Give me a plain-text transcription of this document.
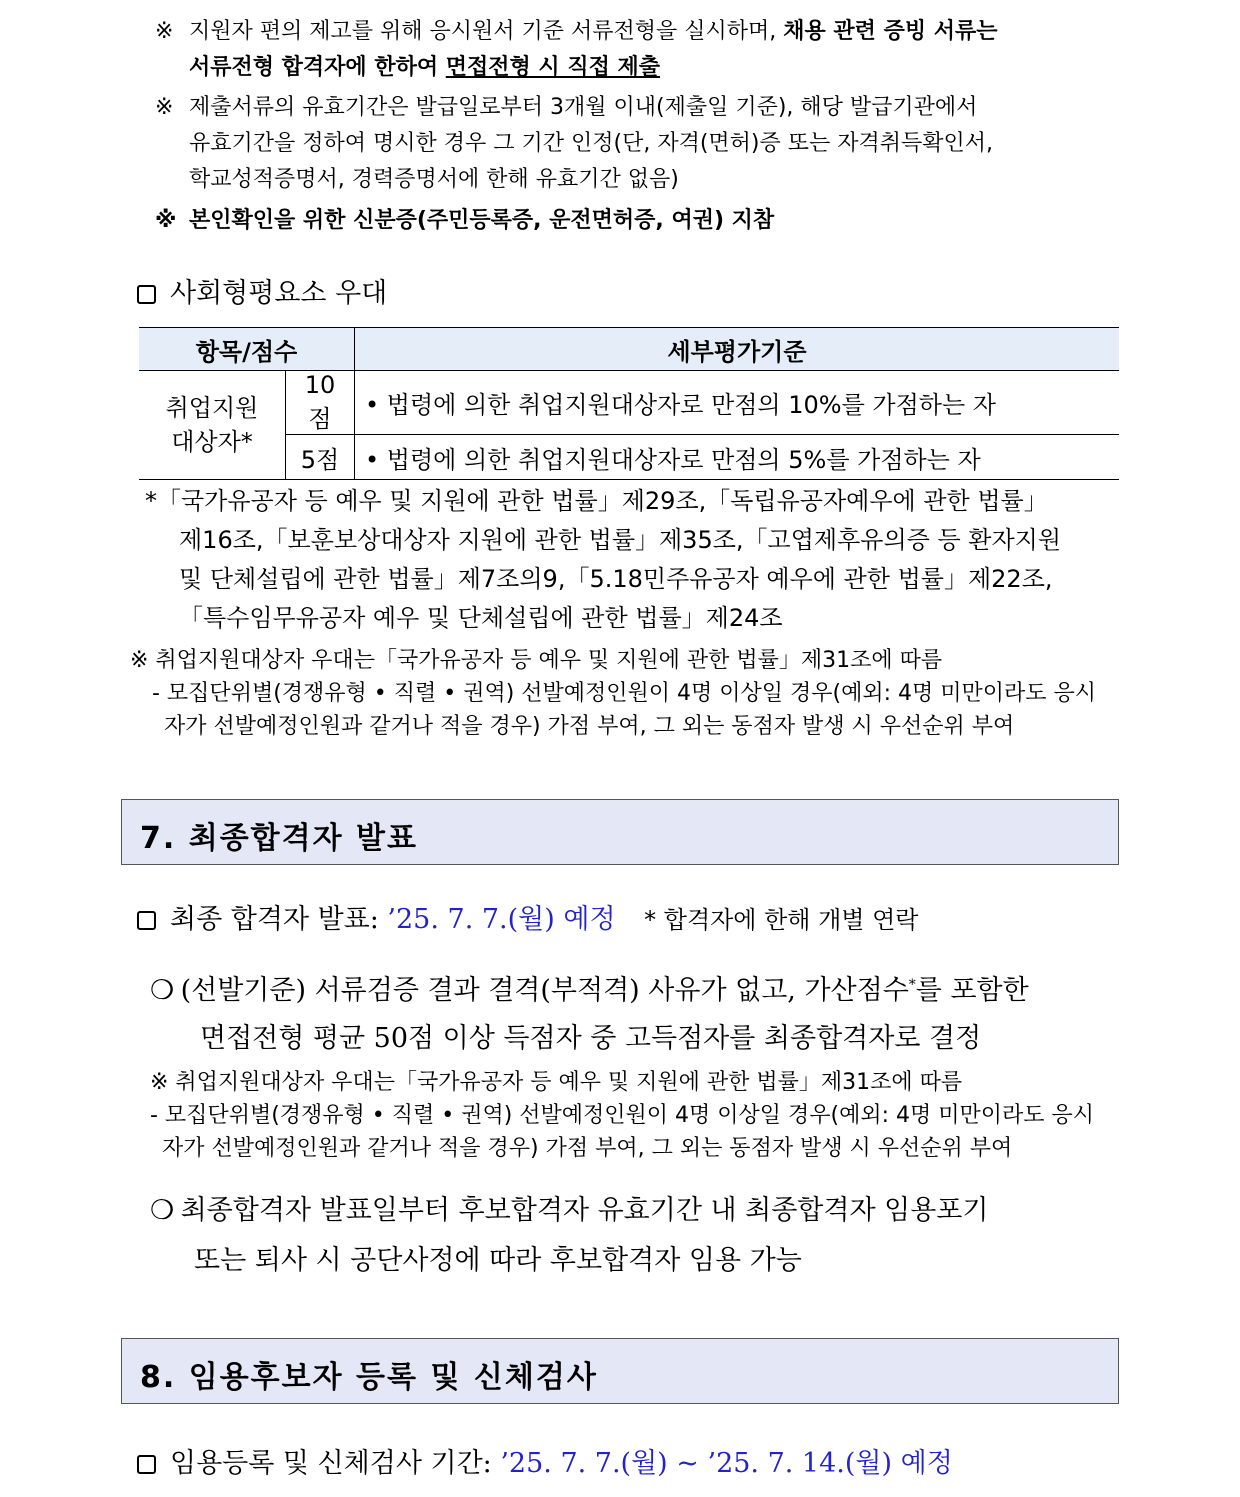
※ 지원자 편의 제고를 위해 응시원서 기준 서류전형을 실시하며, 채용 관련 증빙 서류는
서류전형 합격자에 한하여 면접전형 시 직접 제출
※ 제출서류의 유효기간은 발급일로부터 3개월 이내(제출일 기준), 해당 발급기관에서
유효기간을 정하여 명시한 경우 그 기간 인정(단, 자격(면허)증 또는 자격취득확인서,
학교성적증명서, 경력증명서에 한해 유효기간 없음)
※ 본인확인을 위한 신분증(주민등록증, 운전면허증, 여권) 지참
사회형평요소 우대
항목/점수		세부평가기준
취업지원
대상자*	10점	• 법령에 의한 취업지원대상자로 만점의 10%를 가점하는 자
	5점	• 법령에 의한 취업지원대상자로 만점의 5%를 가점하는 자
*「국가유공자 등 예우 및 지원에 관한 법률」제29조,「독립유공자예우에 관한 법률」
제16조,「보훈보상대상자 지원에 관한 법률」제35조,「고엽제후유의증 등 환자지원
및 단체설립에 관한 법률」제7조의9,「5.18민주유공자 예우에 관한 법률」제22조,
「특수임무유공자 예우 및 단체설립에 관한 법률」제24조
※ 취업지원대상자 우대는「국가유공자 등 예우 및 지원에 관한 법률」제31조에 따름
- 모집단위별(경쟁유형 • 직렬 • 권역) 선발예정인원이 4명 이상일 경우(예외: 4명 미만이라도 응시
자가 선발예정인원과 같거나 적을 경우) 가점 부여, 그 외는 동점자 발생 시 우선순위 부여
7. 최종합격자 발표
최종 합격자 발표: ’25. 7. 7.(월) 예정 * 합격자에 한해 개별 연락
❍ (선발기준) 서류검증 결과 결격(부적격) 사유가 없고, 가산점수*를 포함한
면접전형 평균 50점 이상 득점자 중 고득점자를 최종합격자로 결정
※ 취업지원대상자 우대는「국가유공자 등 예우 및 지원에 관한 법률」제31조에 따름
- 모집단위별(경쟁유형 • 직렬 • 권역) 선발예정인원이 4명 이상일 경우(예외: 4명 미만이라도 응시
자가 선발예정인원과 같거나 적을 경우) 가점 부여, 그 외는 동점자 발생 시 우선순위 부여
❍ 최종합격자 발표일부터 후보합격자 유효기간 내 최종합격자 임용포기
또는 퇴사 시 공단사정에 따라 후보합격자 임용 가능
8. 임용후보자 등록 및 신체검사
임용등록 및 신체검사 기간: ’25. 7. 7.(월) ~ ’25. 7. 14.(월) 예정
